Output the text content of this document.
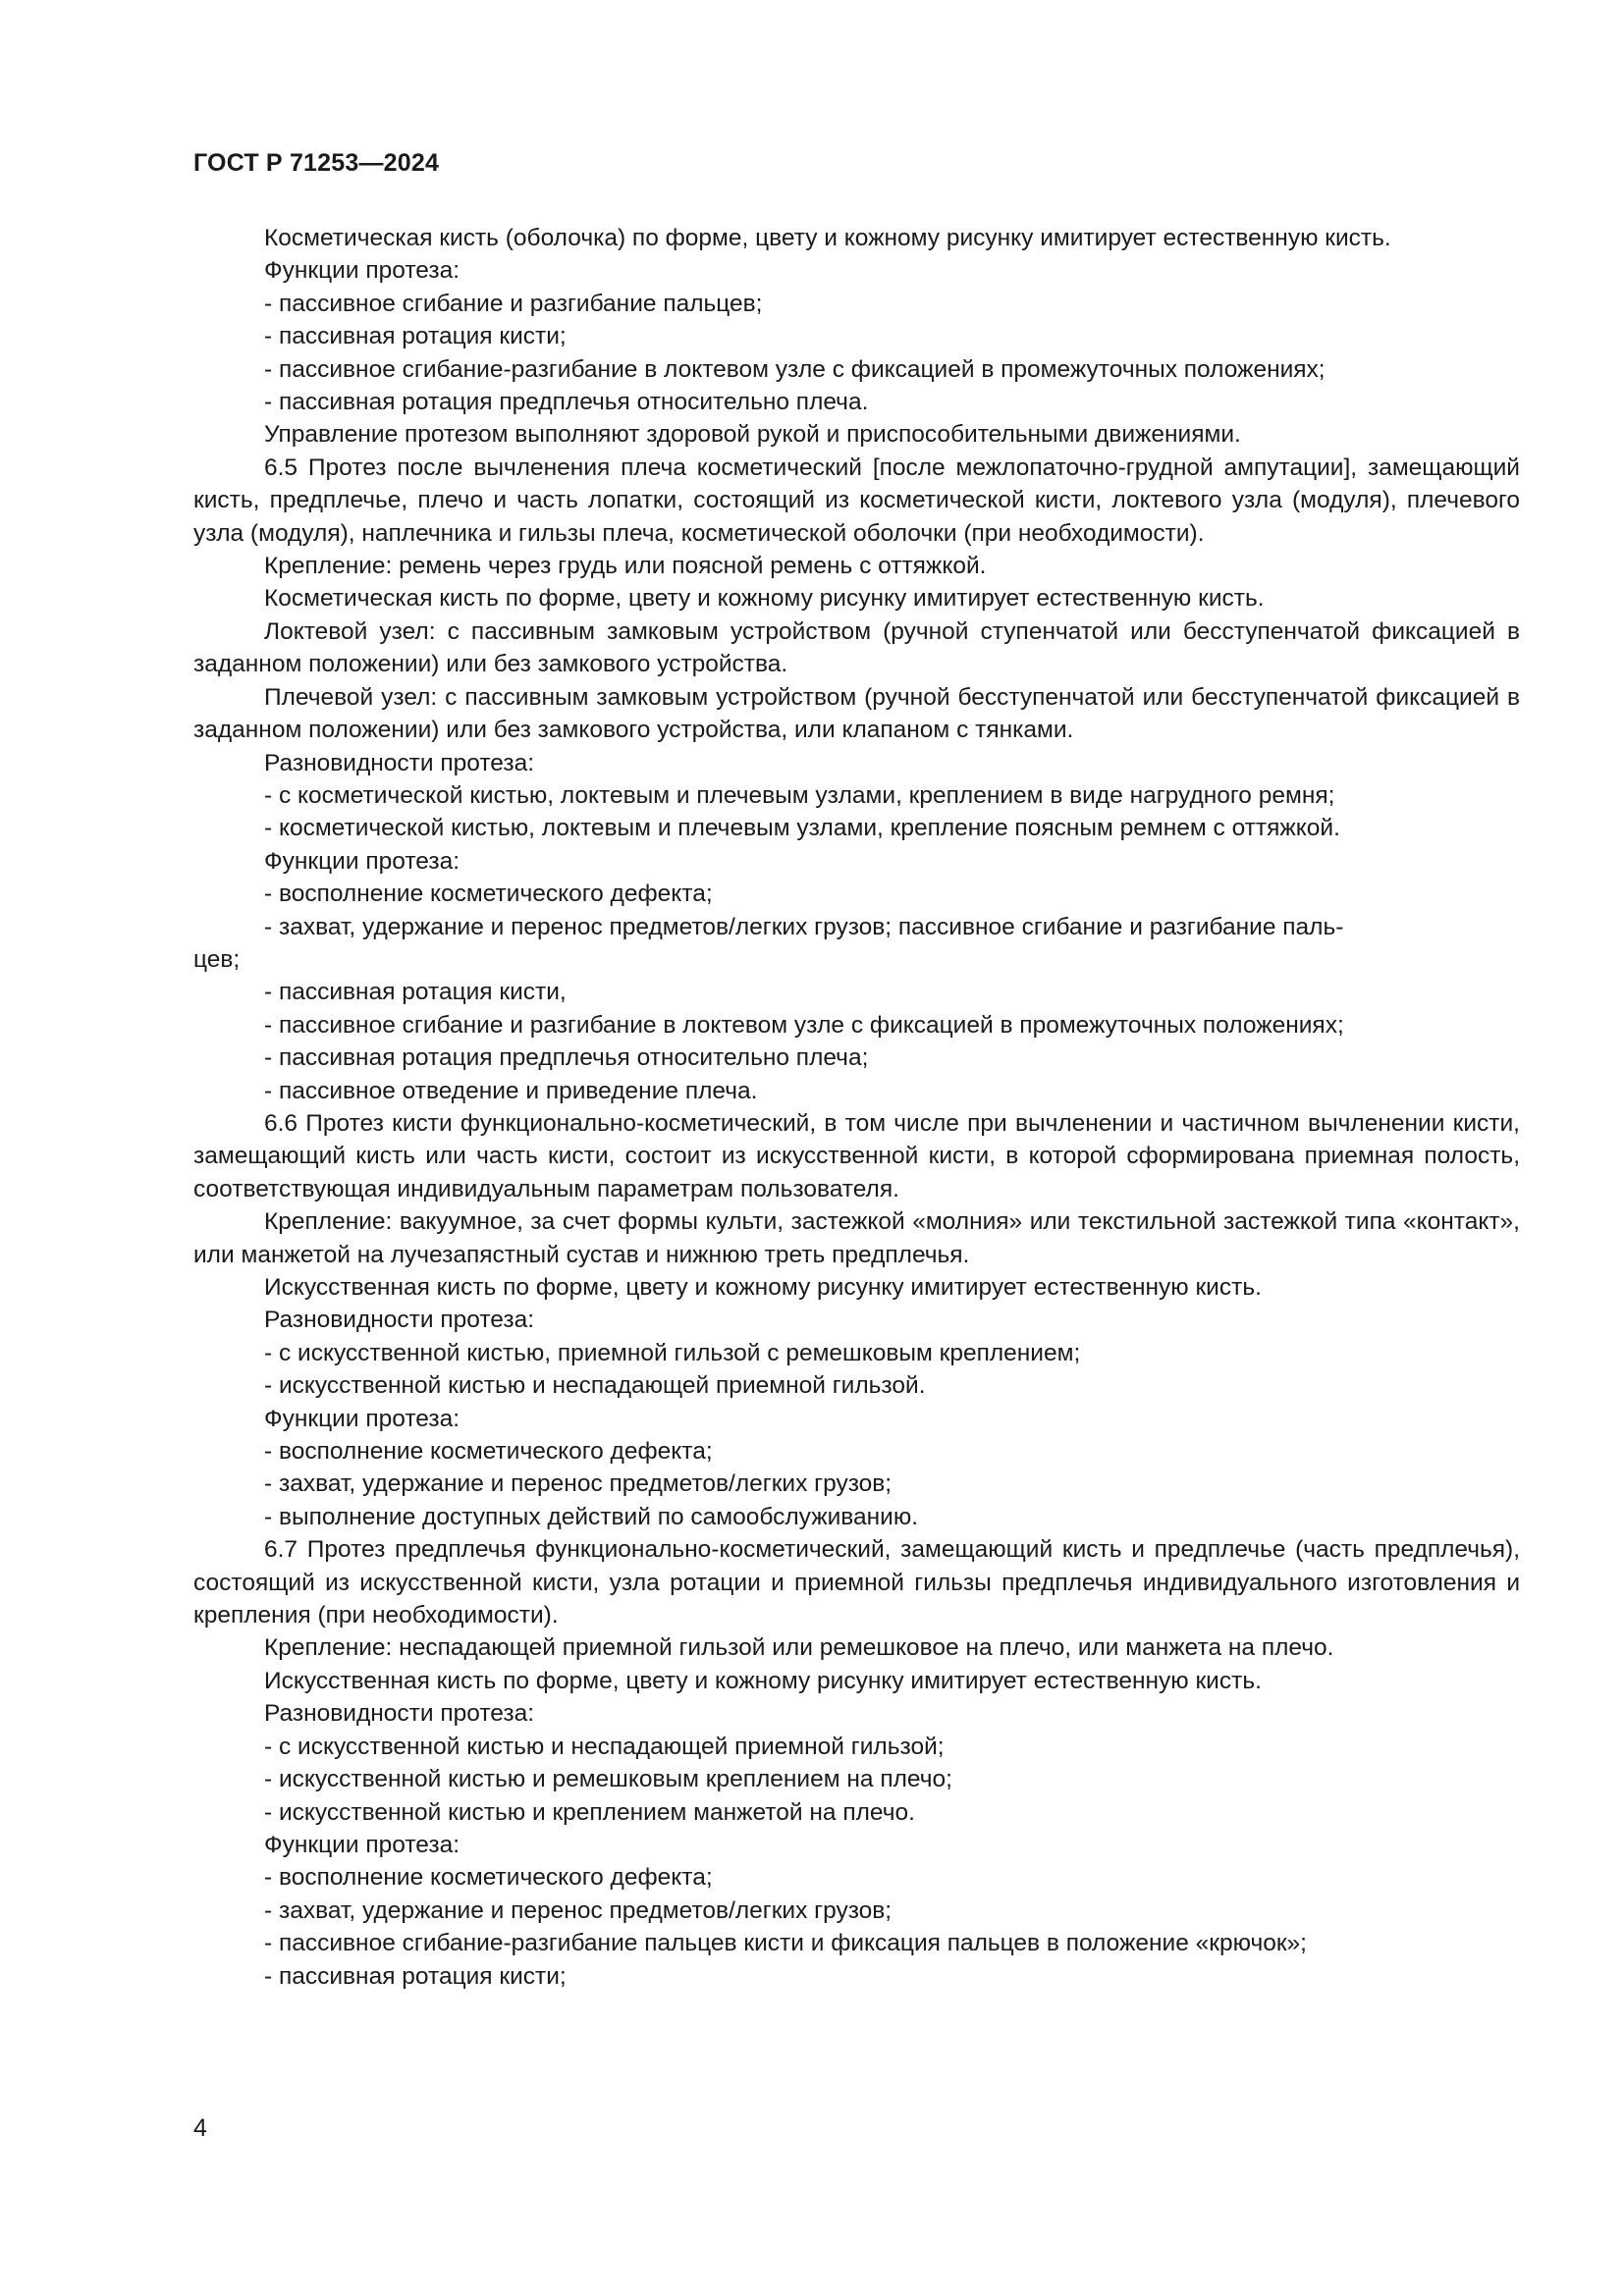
ГОСТ Р 71253—2024

Косметическая кисть (оболочка) по форме, цвету и кожному рисунку имитирует естественную кисть.

Функции протеза:

- пассивное сгибание и разгибание пальцев;

- пассивная ротация кисти;

- пассивное сгибание-разгибание в локтевом узле с фиксацией в промежуточных положениях;

- пассивная ротация предплечья относительно плеча.

Управление протезом выполняют здоровой рукой и приспособительными движениями.

6.5 Протез после вычленения плеча косметический [после межлопаточно-грудной ампутации], замещающий кисть, предплечье, плечо и часть лопатки, состоящий из косметической кисти, локтевого узла (модуля), плечевого узла (модуля), наплечника и гильзы плеча, косметической оболочки (при необходимости).

Крепление: ремень через грудь или поясной ремень с оттяжкой.

Косметическая кисть по форме, цвету и кожному рисунку имитирует естественную кисть.

Локтевой узел: с пассивным замковым устройством (ручной ступенчатой или бесступенчатой фиксацией в заданном положении) или без замкового устройства.

Плечевой узел: с пассивным замковым устройством (ручной бесступенчатой или бесступенчатой фиксацией в заданном положении) или без замкового устройства, или клапаном с тянками.

Разновидности протеза:

- с косметической кистью, локтевым и плечевым узлами, креплением в виде нагрудного ремня;

- косметической кистью, локтевым и плечевым узлами, крепление поясным ремнем с оттяжкой.

Функции протеза:

- восполнение косметического дефекта;

- захват, удержание и перенос предметов/легких грузов; пассивное сгибание и разгибание паль-

цев;

- пассивная ротация кисти,

- пассивное сгибание и разгибание в локтевом узле с фиксацией в промежуточных положениях;

- пассивная ротация предплечья относительно плеча;

- пассивное отведение и приведение плеча.

6.6 Протез кисти функционально-косметический, в том числе при вычленении и частичном вычленении кисти, замещающий кисть или часть кисти, состоит из искусственной кисти, в которой сформирована приемная полость, соответствующая индивидуальным параметрам пользователя.

Крепление: вакуумное, за счет формы культи, застежкой «молния» или текстильной застежкой типа «контакт», или манжетой на лучезапястный сустав и нижнюю треть предплечья.

Искусственная кисть по форме, цвету и кожному рисунку имитирует естественную кисть.

Разновидности протеза:

- с искусственной кистью, приемной гильзой с ремешковым креплением;

- искусственной кистью и неспадающей приемной гильзой.

Функции протеза:

- восполнение косметического дефекта;

- захват, удержание и перенос предметов/легких грузов;

- выполнение доступных действий по самообслуживанию.

6.7 Протез предплечья функционально-косметический, замещающий кисть и предплечье (часть предплечья), состоящий из искусственной кисти, узла ротации и приемной гильзы предплечья индивидуального изготовления и крепления (при необходимости).

Крепление: неспадающей приемной гильзой или ремешковое на плечо, или манжета на плечо.

Искусственная кисть по форме, цвету и кожному рисунку имитирует естественную кисть.

Разновидности протеза:

- с искусственной кистью и неспадающей приемной гильзой;

- искусственной кистью и ремешковым креплением на плечо;

- искусственной кистью и креплением манжетой на плечо.

Функции протеза:

- восполнение косметического дефекта;

- захват, удержание и перенос предметов/легких грузов;

- пассивное сгибание-разгибание пальцев кисти и фиксация пальцев в положение «крючок»;

- пассивная ротация кисти;

4
